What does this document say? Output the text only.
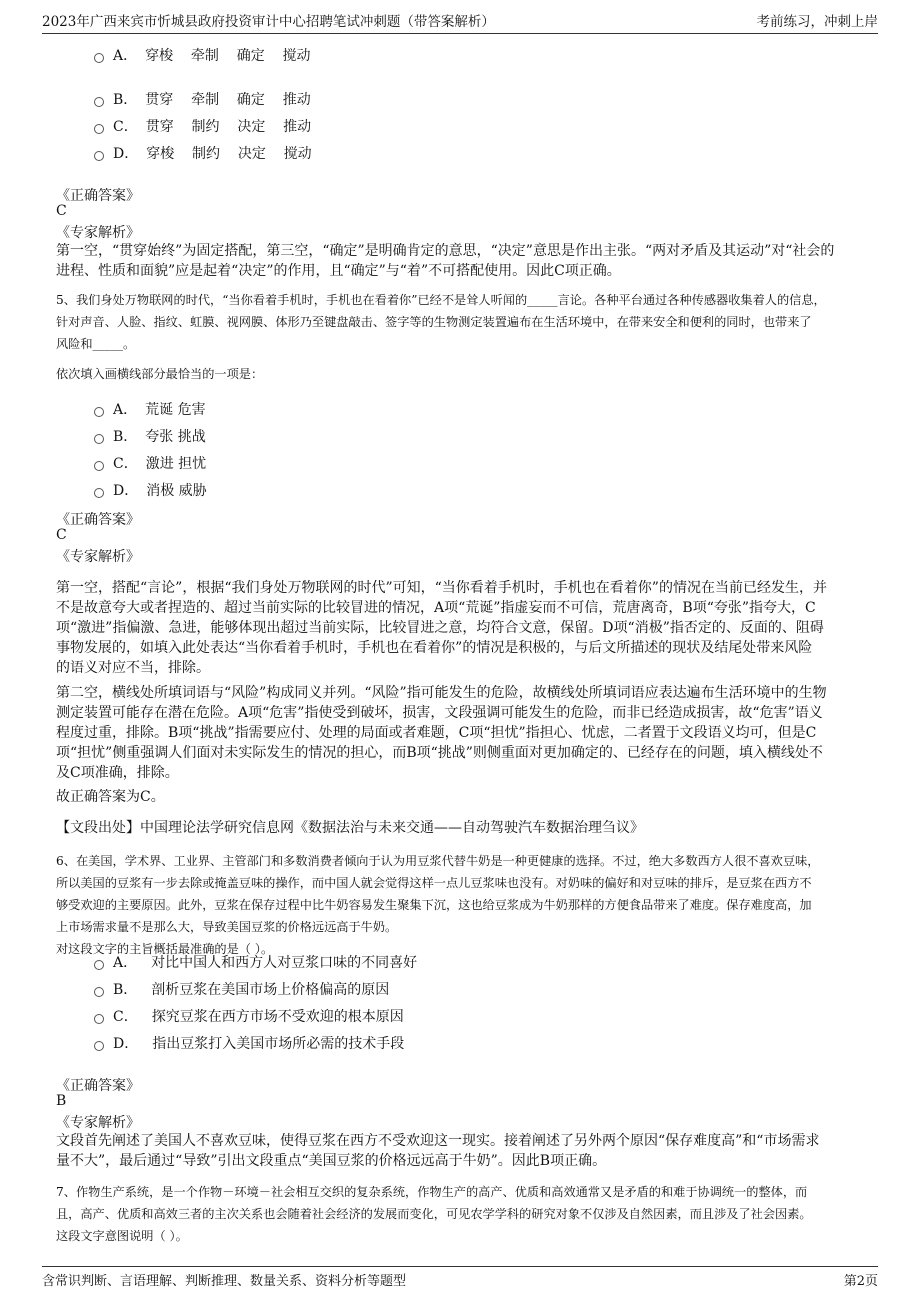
2023年广西来宾市忻城县政府投资审计中心招聘笔试冲刺题（带答案解析）	考前练习，冲刺上岸
A． 穿梭    牵制    确定    搅动
B． 贯穿    牵制    确定    推动
C． 贯穿    制约    决定    推动
D． 穿梭    制约    决定    搅动
《正确答案》
C
《专家解析》
第一空，“贯穿始终”为固定搭配，第三空，“确定”是明确肯定的意思，“决定”意思是作出主张。“两对矛盾及其运动”对“社会的
进程、性质和面貌”应是起着“决定”的作用，且“确定”与“着”不可搭配使用。因此C项正确。
5、我们身处万物联网的时代，“当你看着手机时，手机也在看着你”已经不是耸人听闻的_____言论。各种平台通过各种传感器收集着人的信息，
针对声音、人脸、指纹、虹膜、视网膜、体形乃至键盘敲击、签字等的生物测定装置遍布在生活环境中，在带来安全和便利的同时，也带来了
风险和_____。
依次填入画横线部分最恰当的一项是：
A． 荒诞 危害
B． 夸张 挑战
C． 激进 担忧
D． 消极 威胁
《正确答案》
C
《专家解析》
第一空，搭配“言论”，根据“我们身处万物联网的时代”可知，“当你看着手机时，手机也在看着你”的情况在当前已经发生，并
不是故意夸大或者捏造的、超过当前实际的比较冒进的情况，A项“荒诞”指虚妄而不可信，荒唐离奇，B项“夸张”指夸大，C
项“激进”指偏激、急进，能够体现出超过当前实际，比较冒进之意，均符合文意，保留。D项“消极”指否定的、反面的、阻碍
事物发展的，如填入此处表达“当你看着手机时，手机也在看着你”的情况是积极的，与后文所描述的现状及结尾处带来风险
的语义对应不当，排除。
第二空，横线处所填词语与“风险”构成同义并列。“风险”指可能发生的危险，故横线处所填词语应表达遍布生活环境中的生物
测定装置可能存在潜在危险。A项“危害”指使受到破坏，损害，文段强调可能发生的危险，而非已经造成损害，故“危害”语义
程度过重，排除。B项“挑战”指需要应付、处理的局面或者难题，C项“担忧”指担心、忧虑，二者置于文段语义均可，但是C
项“担忧”侧重强调人们面对未实际发生的情况的担心，而B项“挑战”则侧重面对更加确定的、已经存在的问题，填入横线处不
及C项准确，排除。
故正确答案为C。
【文段出处】中国理论法学研究信息网《数据法治与未来交通——自动驾驶汽车数据治理刍议》
6、在美国，学术界、工业界、主管部门和多数消费者倾向于认为用豆浆代替牛奶是一种更健康的选择。不过，绝大多数西方人很不喜欢豆味，
所以美国的豆浆有一步去除或掩盖豆味的操作，而中国人就会觉得这样一点儿豆浆味也没有。对奶味的偏好和对豆味的排斥，是豆浆在西方不
够受欢迎的主要原因。此外，豆浆在保存过程中比牛奶容易发生聚集下沉，这也给豆浆成为牛奶那样的方便食品带来了难度。保存难度高，加
上市场需求量不是那么大，导致美国豆浆的价格远远高于牛奶。
对这段文字的主旨概括最准确的是（ ）。
A． 对比中国人和西方人对豆浆口味的不同喜好
B． 剖析豆浆在美国市场上价格偏高的原因
C． 探究豆浆在西方市场不受欢迎的根本原因
D． 指出豆浆打入美国市场所必需的技术手段
《正确答案》
B
《专家解析》
文段首先阐述了美国人不喜欢豆味，使得豆浆在西方不受欢迎这一现实。接着阐述了另外两个原因“保存难度高”和“市场需求
量不大”，最后通过“导致”引出文段重点“美国豆浆的价格远远高于牛奶”。因此B项正确。
7、作物生产系统，是一个作物－环境－社会相互交织的复杂系统，作物生产的高产、优质和高效通常又是矛盾的和难于协调统一的整体，而
且，高产、优质和高效三者的主次关系也会随着社会经济的发展而变化，可见农学学科的研究对象不仅涉及自然因素，而且涉及了社会因素。
这段文字意图说明（ ）。
含常识判断、言语理解、判断推理、数量关系、资料分析等题型	第2页
